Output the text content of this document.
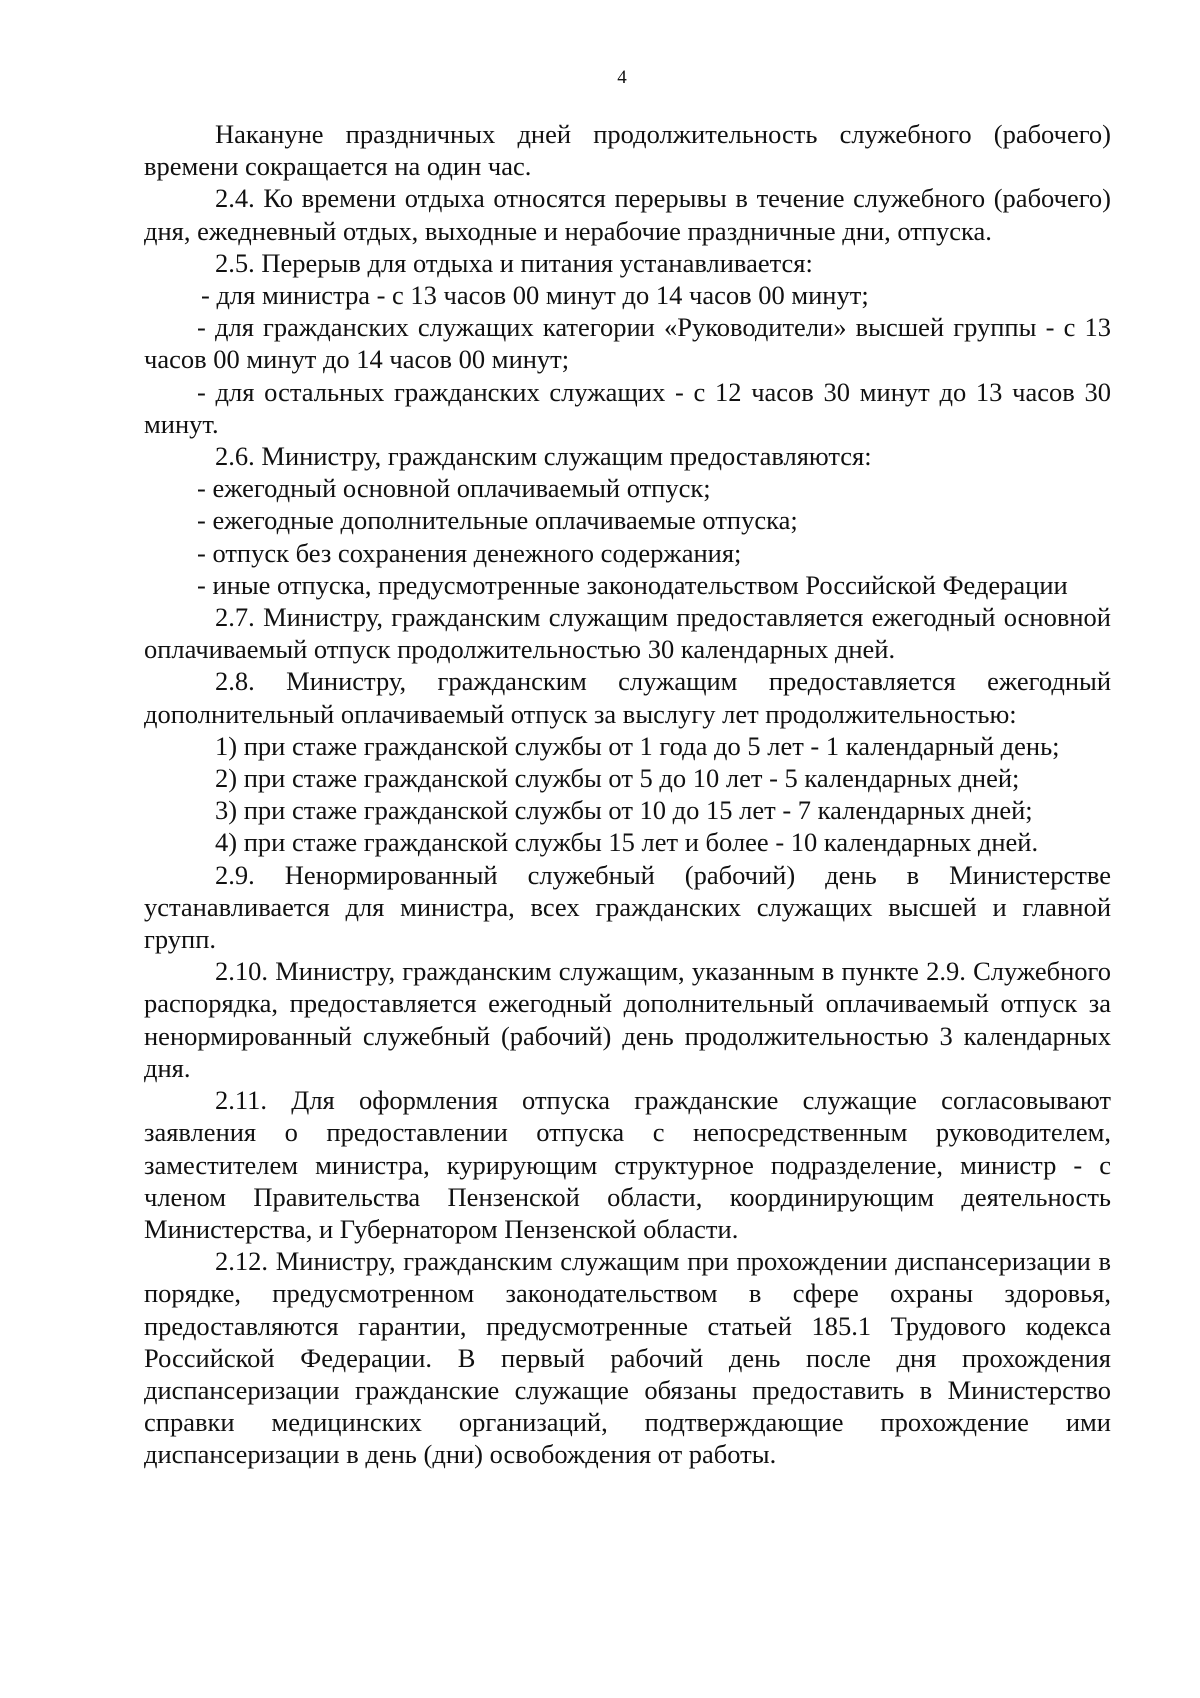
4

Накануне праздничных дней продолжительность служебного (рабочего) времени сокращается на один час.

2.4. Ко времени отдыха относятся перерывы в течение служебного (рабочего) дня, ежедневный отдых, выходные и нерабочие праздничные дни, отпуска.

2.5. Перерыв для отдыха и питания устанавливается:

- для министра - с 13 часов 00 минут до 14 часов 00 минут;

- для гражданских служащих категории «Руководители» высшей группы - с 13 часов 00 минут до 14 часов 00 минут;

- для остальных гражданских служащих - с 12 часов 30 минут до 13 часов 30 минут.

2.6. Министру, гражданским служащим предоставляются:

- ежегодный основной оплачиваемый отпуск;

- ежегодные дополнительные оплачиваемые отпуска;

- отпуск без сохранения денежного содержания;

- иные отпуска, предусмотренные законодательством Российской Федерации

2.7. Министру, гражданским служащим предоставляется ежегодный основной оплачиваемый отпуск продолжительностью 30 календарных дней.

2.8. Министру, гражданским служащим предоставляется ежегодный дополнительный оплачиваемый отпуск за выслугу лет продолжительностью:

1) при стаже гражданской службы от 1 года до 5 лет - 1 календарный день;

2) при стаже гражданской службы от 5 до 10 лет - 5 календарных дней;

3) при стаже гражданской службы от 10 до 15 лет - 7 календарных дней;

4) при стаже гражданской службы 15 лет и более - 10 календарных дней.

2.9. Ненормированный служебный (рабочий) день в Министерстве устанавливается для министра, всех гражданских служащих высшей и главной групп.

2.10. Министру, гражданским служащим, указанным в пункте 2.9. Служебного распорядка, предоставляется ежегодный дополнительный оплачиваемый отпуск за ненормированный служебный (рабочий) день продолжительностью 3 календарных дня.

2.11. Для оформления отпуска гражданские служащие согласовывают заявления о предоставлении отпуска с непосредственным руководителем, заместителем министра, курирующим структурное подразделение, министр - с членом Правительства Пензенской области, координирующим деятельность Министерства, и Губернатором Пензенской области.

2.12. Министру, гражданским служащим при прохождении диспансеризации в порядке, предусмотренном законодательством в сфере охраны здоровья, предоставляются гарантии, предусмотренные статьей 185.1 Трудового кодекса Российской Федерации. В первый рабочий день после дня прохождения диспансеризации гражданские служащие обязаны предоставить в Министерство справки медицинских организаций, подтверждающие прохождение ими диспансеризации в день (дни) освобождения от работы.
